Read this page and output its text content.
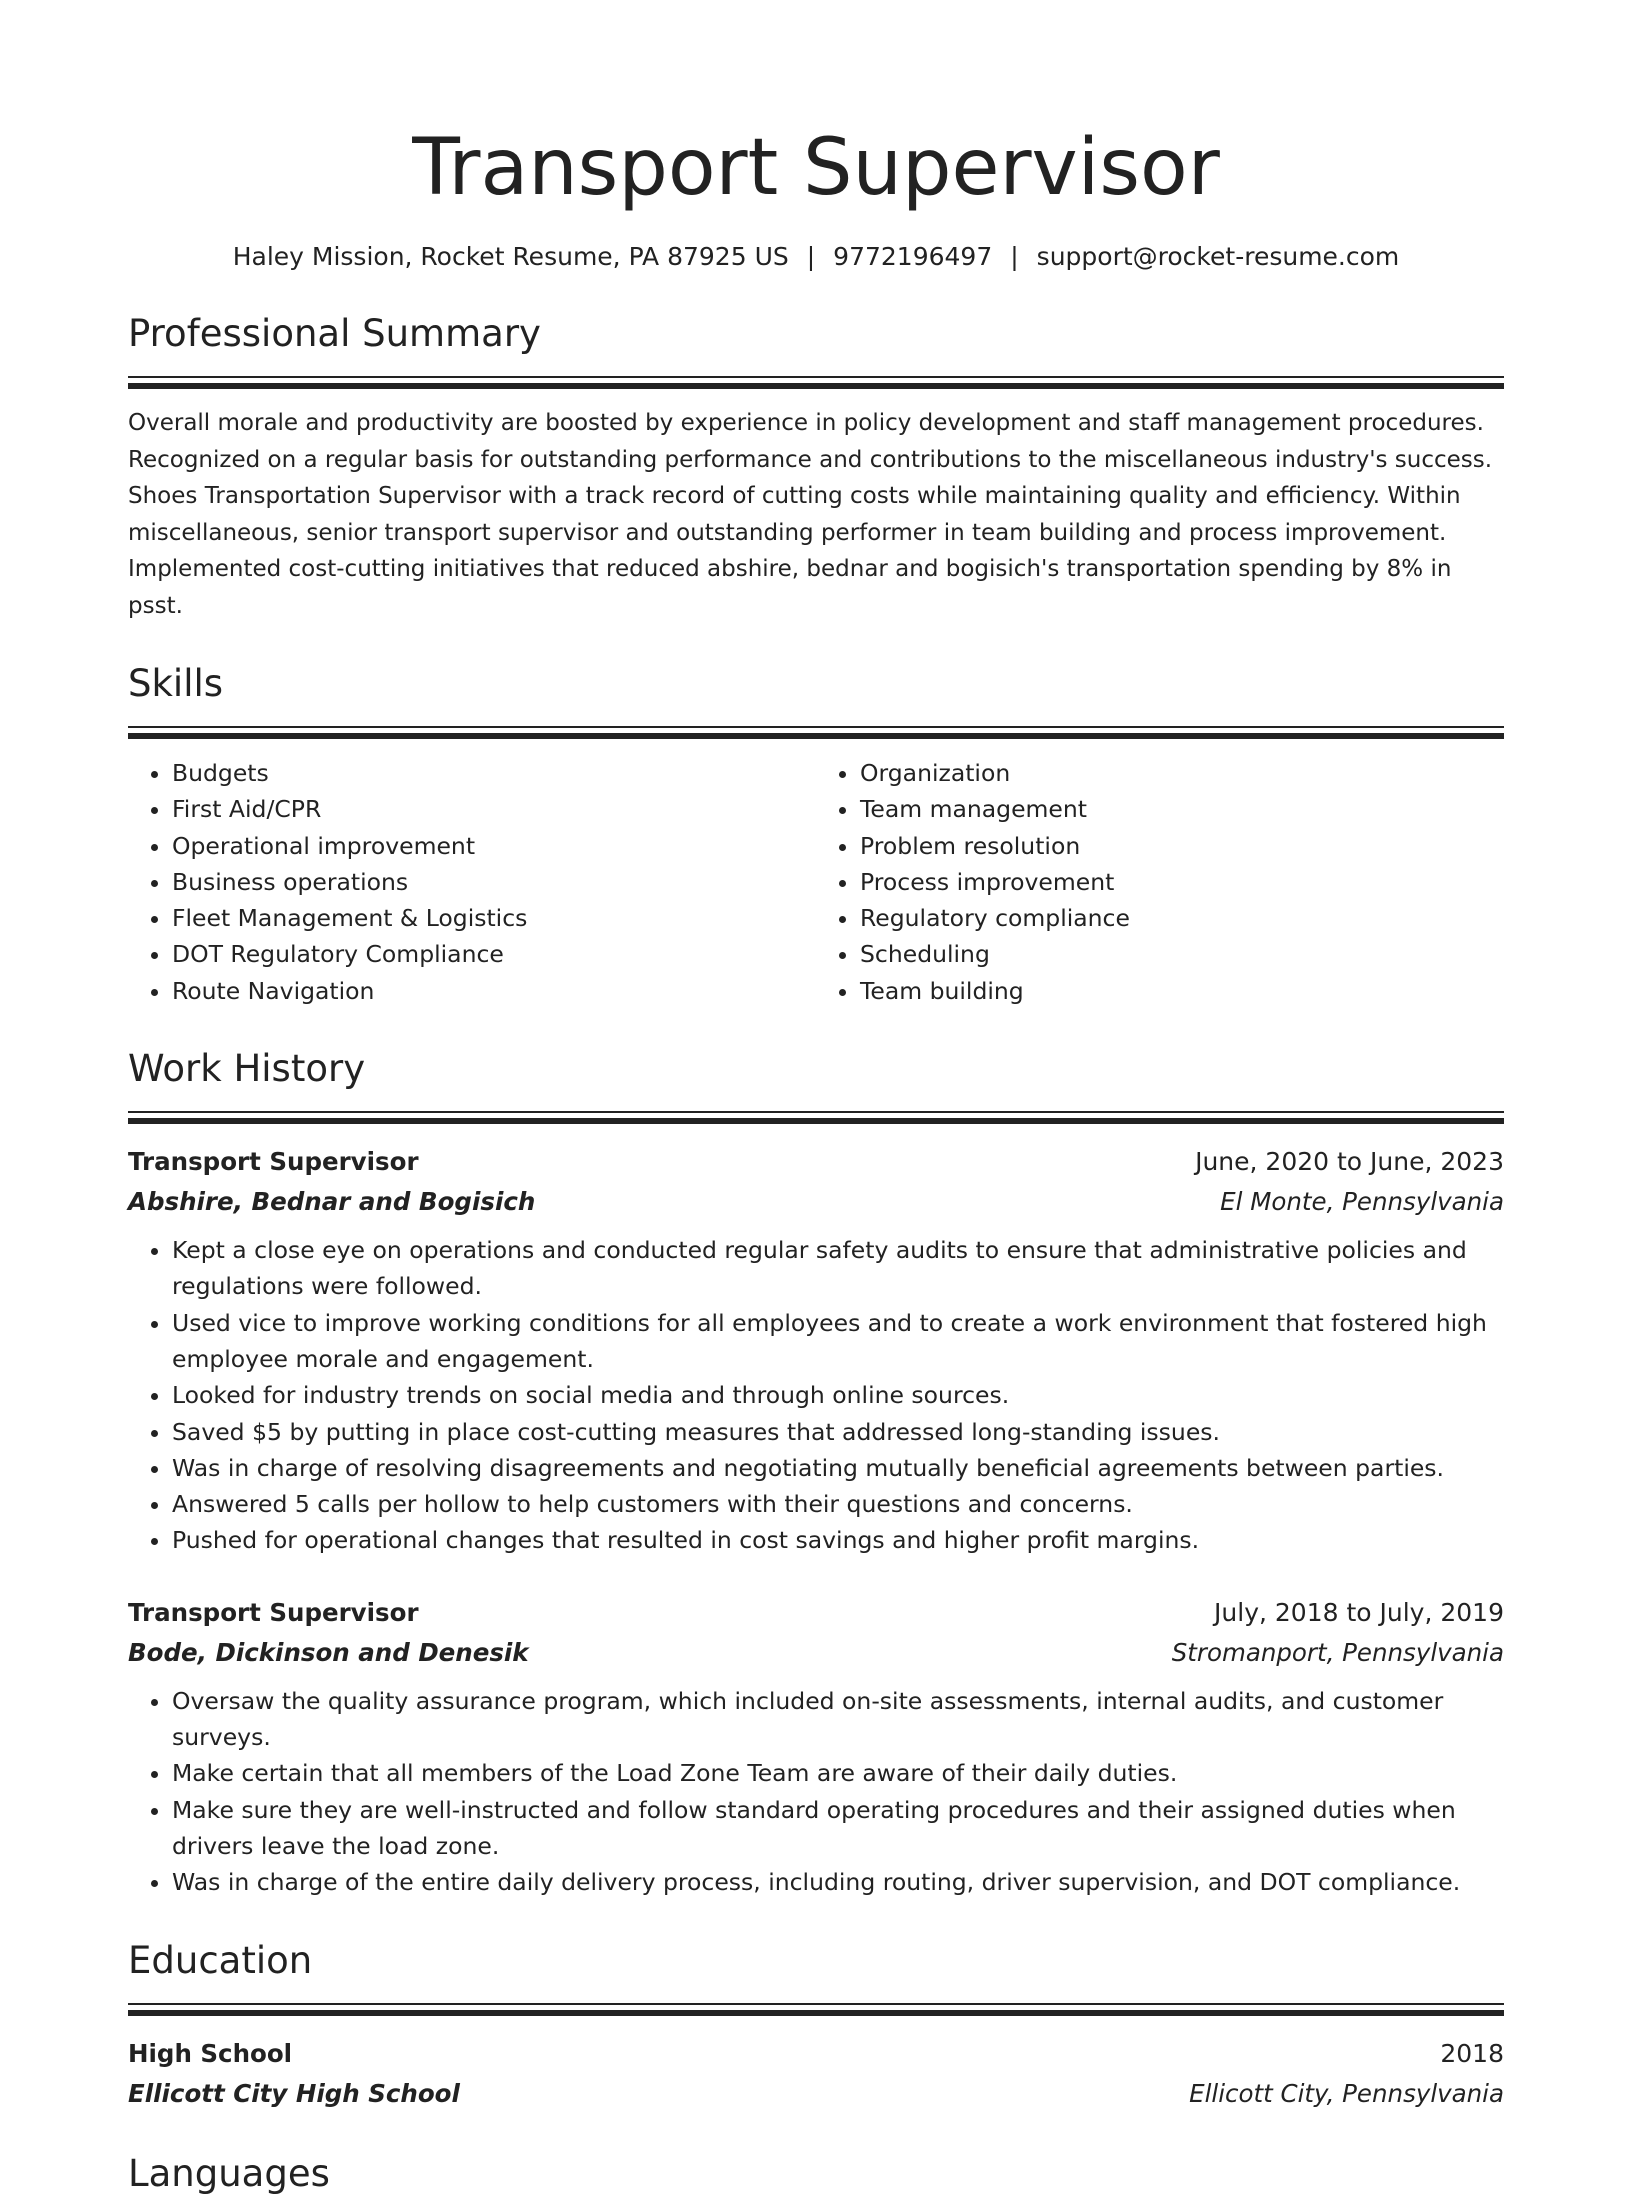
Transport Supervisor
Haley Mission, Rocket Resume, PA 87925 US | 9772196497 | support@rocket-resume.com
Professional Summary
Overall morale and productivity are boosted by experience in policy development and staff management procedures. Recognized on a regular basis for outstanding performance and contributions to the miscellaneous industry's success. Shoes Transportation Supervisor with a track record of cutting costs while maintaining quality and efficiency. Within miscellaneous, senior transport supervisor and outstanding performer in team building and process improvement. Implemented cost-cutting initiatives that reduced abshire, bednar and bogisich's transportation spending by 8% in psst.
Skills
• Budgets
• First Aid/CPR
• Operational improvement
• Business operations
• Fleet Management & Logistics
• DOT Regulatory Compliance
• Route Navigation
• Organization
• Team management
• Problem resolution
• Process improvement
• Regulatory compliance
• Scheduling
• Team building
Work History
Transport Supervisor	June, 2020 to June, 2023
Abshire, Bednar and Bogisich	El Monte, Pennsylvania
• Kept a close eye on operations and conducted regular safety audits to ensure that administrative policies and regulations were followed.
• Used vice to improve working conditions for all employees and to create a work environment that fostered high employee morale and engagement.
• Looked for industry trends on social media and through online sources.
• Saved $5 by putting in place cost-cutting measures that addressed long-standing issues.
• Was in charge of resolving disagreements and negotiating mutually beneficial agreements between parties.
• Answered 5 calls per hollow to help customers with their questions and concerns.
• Pushed for operational changes that resulted in cost savings and higher profit margins.
Transport Supervisor	July, 2018 to July, 2019
Bode, Dickinson and Denesik	Stromanport, Pennsylvania
• Oversaw the quality assurance program, which included on-site assessments, internal audits, and customer surveys.
• Make certain that all members of the Load Zone Team are aware of their daily duties.
• Make sure they are well-instructed and follow standard operating procedures and their assigned duties when drivers leave the load zone.
• Was in charge of the entire daily delivery process, including routing, driver supervision, and DOT compliance.
Education
High School	2018
Ellicott City High School	Ellicott City, Pennsylvania
Languages
